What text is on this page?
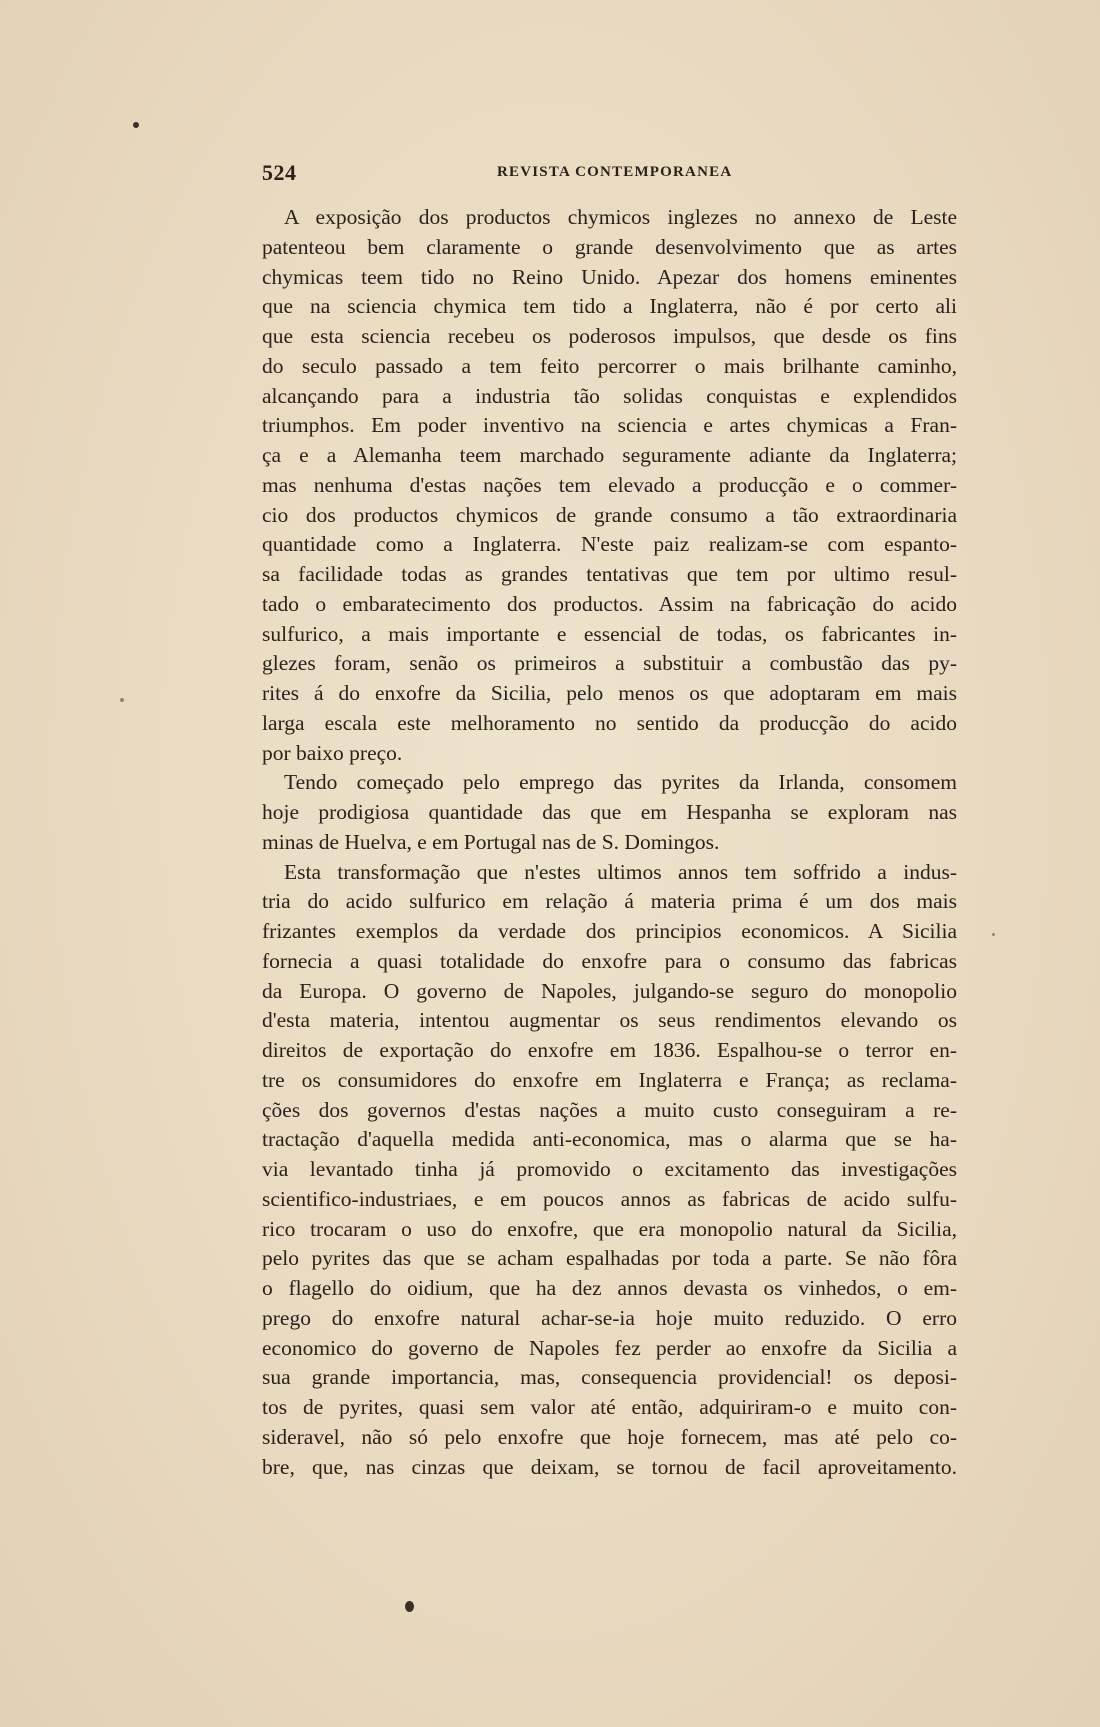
524	REVISTA CONTEMPORANEA
A exposição dos productos chymicos inglezes no annexo de Leste
patenteou bem claramente o grande desenvolvimento que as artes
chymicas teem tido no Reino Unido. Apezar dos homens eminentes
que na sciencia chymica tem tido a Inglaterra, não é por certo ali
que esta sciencia recebeu os poderosos impulsos, que desde os fins
do seculo passado a tem feito percorrer o mais brilhante caminho,
alcançando para a industria tão solidas conquistas e explendidos
triumphos. Em poder inventivo na sciencia e artes chymicas a Fran-
ça e a Alemanha teem marchado seguramente adiante da Inglaterra;
mas nenhuma d'estas nações tem elevado a producção e o commer-
cio dos productos chymicos de grande consumo a tão extraordinaria
quantidade como a Inglaterra. N'este paiz realizam-se com espanto-
sa facilidade todas as grandes tentativas que tem por ultimo resul-
tado o embaratecimento dos productos. Assim na fabricação do acido
sulfurico, a mais importante e essencial de todas, os fabricantes in-
glezes foram, senão os primeiros a substituir a combustão das py-
rites á do enxofre da Sicilia, pelo menos os que adoptaram em mais
larga escala este melhoramento no sentido da producção do acido
por baixo preço.
Tendo começado pelo emprego das pyrites da Irlanda, consomem
hoje prodigiosa quantidade das que em Hespanha se exploram nas
minas de Huelva, e em Portugal nas de S. Domingos.
Esta transformação que n'estes ultimos annos tem soffrido a indus-
tria do acido sulfurico em relação á materia prima é um dos mais
frizantes exemplos da verdade dos principios economicos. A Sicilia
fornecia a quasi totalidade do enxofre para o consumo das fabricas
da Europa. O governo de Napoles, julgando-se seguro do monopolio
d'esta materia, intentou augmentar os seus rendimentos elevando os
direitos de exportação do enxofre em 1836. Espalhou-se o terror en-
tre os consumidores do enxofre em Inglaterra e França; as reclama-
ções dos governos d'estas nações a muito custo conseguiram a re-
tractação d'aquella medida anti-economica, mas o alarma que se ha-
via levantado tinha já promovido o excitamento das investigações
scientifico-industriaes, e em poucos annos as fabricas de acido sulfu-
rico trocaram o uso do enxofre, que era monopolio natural da Sicilia,
pelo pyrites das que se acham espalhadas por toda a parte. Se não fôra
o flagello do oidium, que ha dez annos devasta os vinhedos, o em-
prego do enxofre natural achar-se-ia hoje muito reduzido. O erro
economico do governo de Napoles fez perder ao enxofre da Sicilia a
sua grande importancia, mas, consequencia providencial! os deposi-
tos de pyrites, quasi sem valor até então, adquiriram-o e muito con-
sideravel, não só pelo enxofre que hoje fornecem, mas até pelo co-
bre, que, nas cinzas que deixam, se tornou de facil aproveitamento.
